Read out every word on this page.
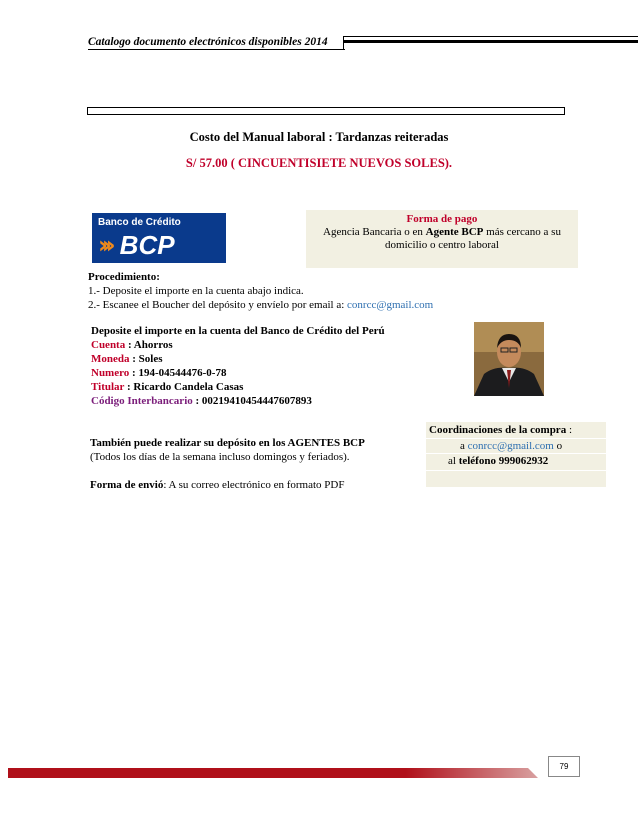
Catalogo documento electrónicos disponibles 2014
Costo del Manual laboral : Tardanzas reiteradas
S/ 57.00 ( CINCUENTISIETE NUEVOS SOLES).
Banco de Crédito
››› BCP
Forma de pago
Agencia Bancaria o en Agente BCP más cercano a su
domicilio o centro laboral
Procedimiento:
1.- Deposite el importe en la cuenta abajo indica.
2.- Escanee el Boucher del depósito y envíelo por email a: conrcc@gmail.com
Deposite el importe en la cuenta del Banco de Crédito del Perú
Cuenta : Ahorros
Moneda : Soles
Numero : 194-04544476-0-78
Titular : Ricardo Candela Casas
Código Interbancario : 00219410454447607893
Coordinaciones de la compra :
a conrcc@gmail.com o
al teléfono 999062932
También puede realizar su depósito en los AGENTES BCP
(Todos los días de la semana incluso domingos y feriados).
Forma de envió: A su correo electrónico en formato PDF
79
